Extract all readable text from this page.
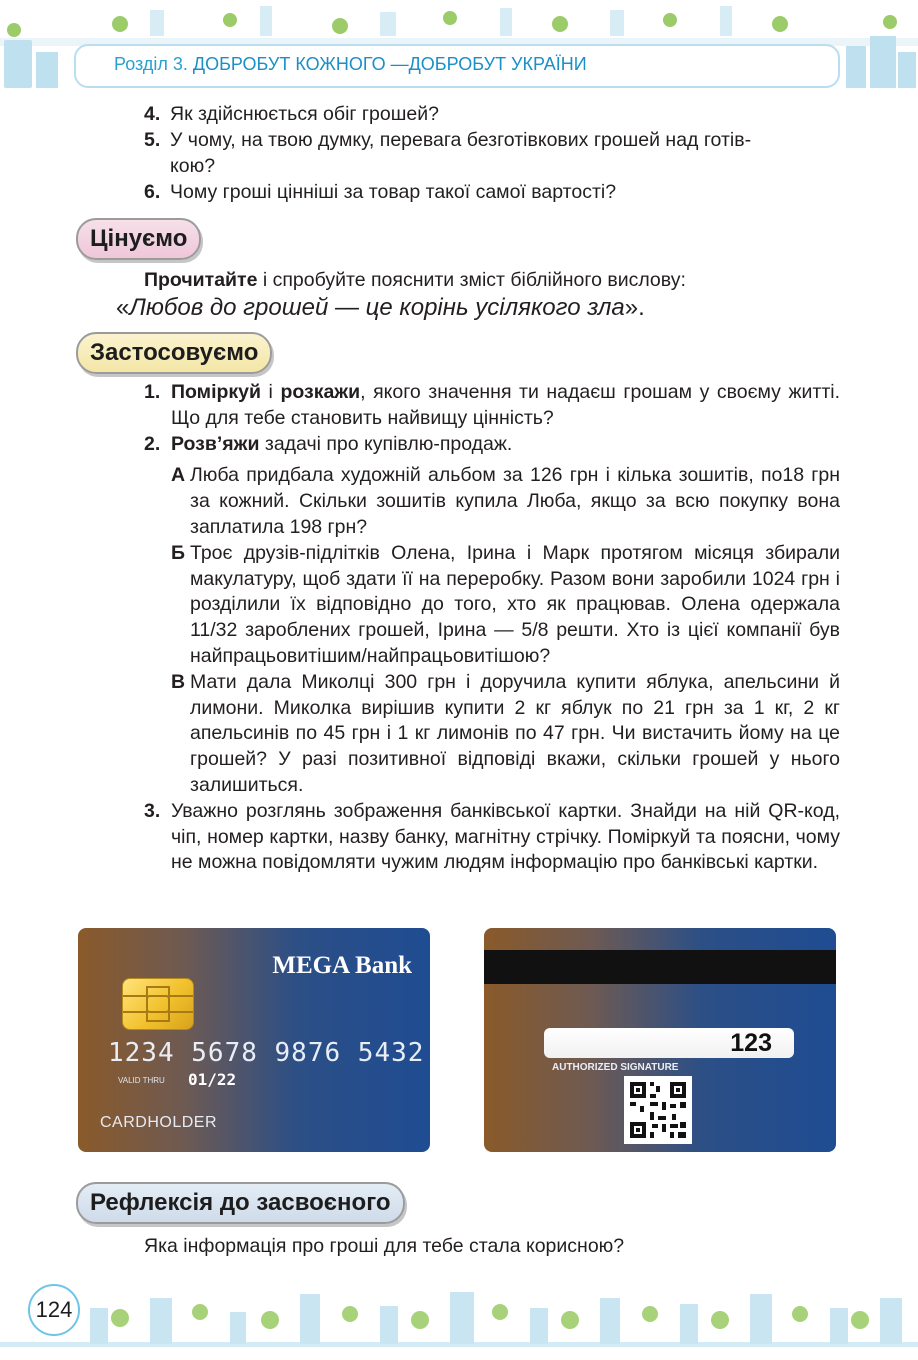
Розділ 3. ДОБРОБУТ КОЖНОГО —ДОБРОБУТ УКРАЇНИ
4. Як здійснюється обіг грошей?
5. У чому, на твою думку, перевага безготівкових грошей над готів-
кою?
6. Чому гроші цінніші за товар такої самої вартості?
Цінуємо
Прочитайте і спробуйте пояснити зміст біблійного вислову:
«Любов до грошей — це корінь усілякого зла».
Застосовуємо
1. Поміркуй і розкажи, якого значення ти надаєш грошам у своєму житті. Що для тебе становить найвищу цінність?
2. Розв’яжи задачі про купівлю-продаж.
А Люба придбала художній альбом за 126 грн і кілька зошитів, по18 грн за кожний. Скільки зошитів купила Люба, якщо за всю покупку вона заплатила 198 грн?
Б Троє друзів-підлітків Олена, Ірина і Марк протягом місяця збирали макулатуру, щоб здати її на переробку. Разом вони заробили 1024 грн і розділили їх відповідно до того, хто як працював. Олена одержала 11/32 зароблених грошей, Ірина — 5/8 решти. Хто із цієї компанії був найпрацьовитішим/найпрацьовитішою?
В Мати дала Миколці 300 грн і доручила купити яблука, апельсини й лимони. Миколка вирішив купити 2 кг яблук по 21 грн за 1 кг, 2 кг апельсинів по 45 грн і 1 кг лимонів по 47 грн. Чи вистачить йому на це грошей? У разі позитивної відповіді вкажи, скільки грошей у нього залишиться.
3. Уважно розглянь зображення банківської картки. Знайди на ній QR-код, чіп, номер картки, назву банку, магнітну стрічку. Поміркуй та поясни, чому не можна повідомляти чужим людям інформацію про банківські картки.
MEGA Bank
1234 5678 9876 5432
VALID THRU 01/22
CARDHOLDER
123
AUTHORIZED SIGNATURE
Рефлексія до засвоєного
Яка інформація про гроші для тебе стала корисною?
124
